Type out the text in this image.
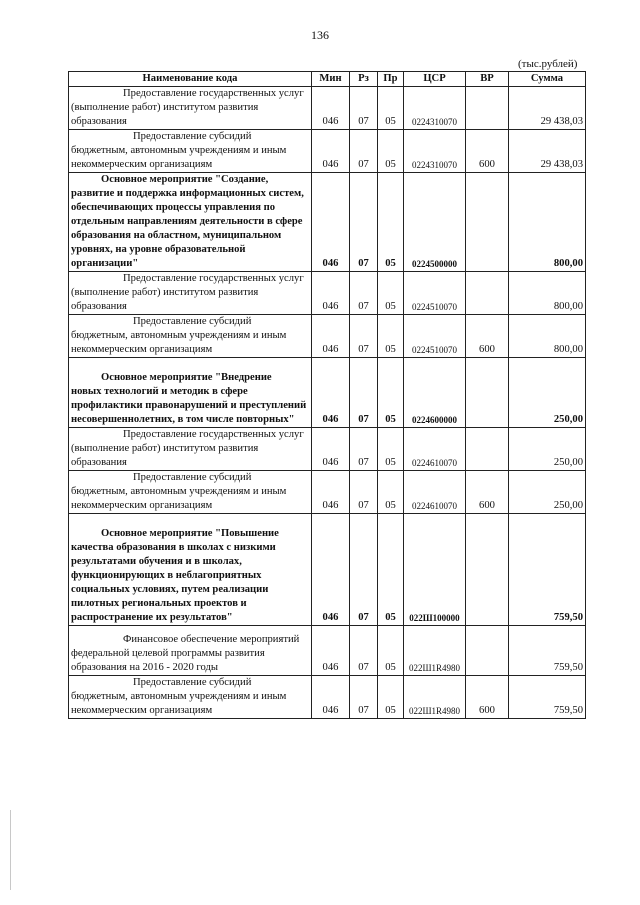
136
(тыс.рублей)
Наименование кода	Мин	Рз	Пр	ЦСР	ВР	Сумма
Предоставление государственных услуг
(выполнение работ) институтом развития образования	046	07	05	0224310070		29 438,03
Предоставление субсидий
бюджетным, автономным учреждениям и иным некоммерческим организациям	046	07	05	0224310070	600	29 438,03
Основное мероприятие "Создание,
развитие и поддержка информационных систем, обеспечивающих процессы управления по отдельным направлениям деятельности в сфере образования на областном, муниципальном уровнях, на уровне образовательной организации"	046	07	05	0224500000		800,00
Предоставление государственных услуг
(выполнение работ) институтом развития образования	046	07	05	0224510070		800,00
Предоставление субсидий
бюджетным, автономным учреждениям и иным некоммерческим организациям	046	07	05	0224510070	600	800,00
Основное мероприятие "Внедрение
новых технологий и методик в сфере профилактики правонарушений и преступлений несовершеннолетних, в том числе повторных"	046	07	05	0224600000		250,00
Предоставление государственных услуг
(выполнение работ) институтом развития образования	046	07	05	0224610070		250,00
Предоставление субсидий
бюджетным, автономным учреждениям и иным некоммерческим организациям	046	07	05	0224610070	600	250,00
Основное мероприятие "Повышение
качества образования в школах с низкими результатами обучения и в школах, функционирующих в неблагоприятных социальных условиях, путем реализации пилотных региональных проектов и распространение их результатов"	046	07	05	022Ш100000		759,50
Финансовое обеспечение мероприятий
федеральной целевой программы развития образования на 2016 - 2020 годы	046	07	05	022Ш1R4980		759,50
Предоставление субсидий
бюджетным, автономным учреждениям и иным некоммерческим организациям	046	07	05	022Ш1R4980	600	759,50
